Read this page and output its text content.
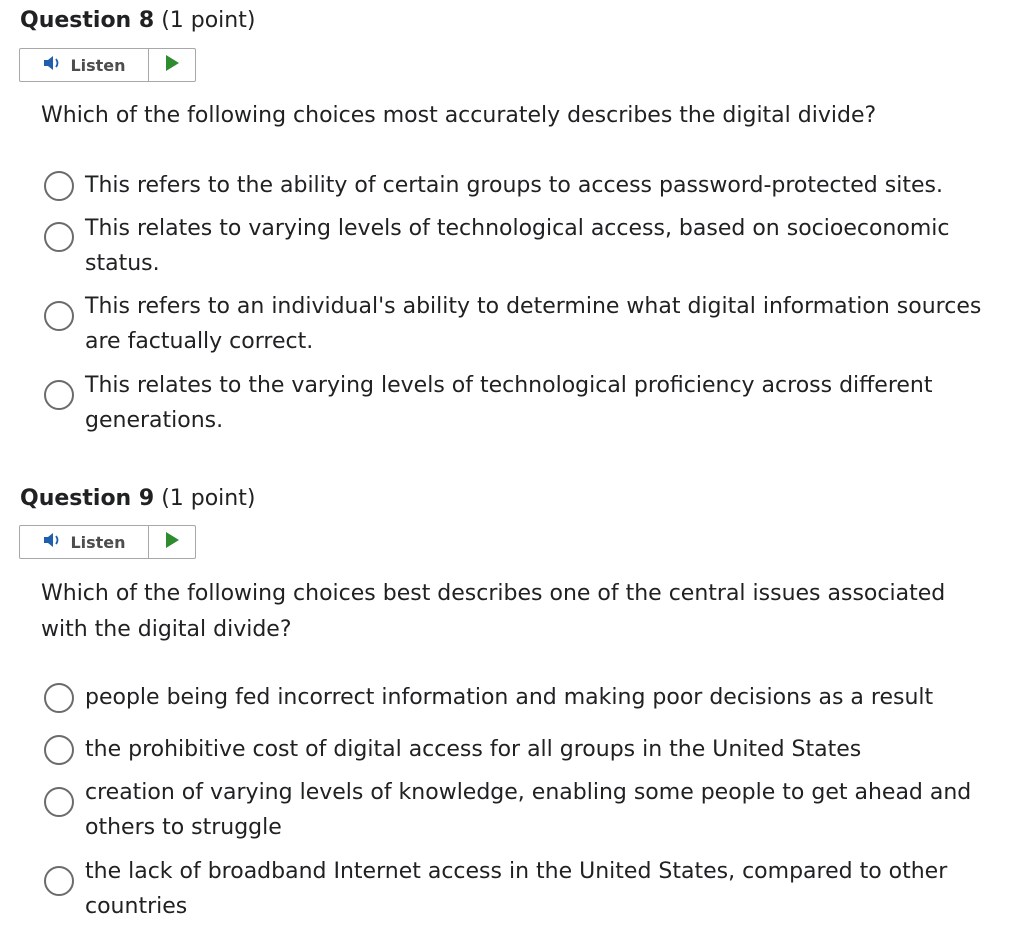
Question 8 (1 point)
Listen
Which of the following choices most accurately describes the digital divide?
This refers to the ability of certain groups to access password-protected sites.
This relates to varying levels of technological access, based on socioeconomic status.
This refers to an individual's ability to determine what digital information sources are factually correct.
This relates to the varying levels of technological proficiency across different generations.
Question 9 (1 point)
Listen
Which of the following choices best describes one of the central issues associated with the digital divide?
people being fed incorrect information and making poor decisions as a result
the prohibitive cost of digital access for all groups in the United States
creation of varying levels of knowledge, enabling some people to get ahead and others to struggle
the lack of broadband Internet access in the United States, compared to other countries
